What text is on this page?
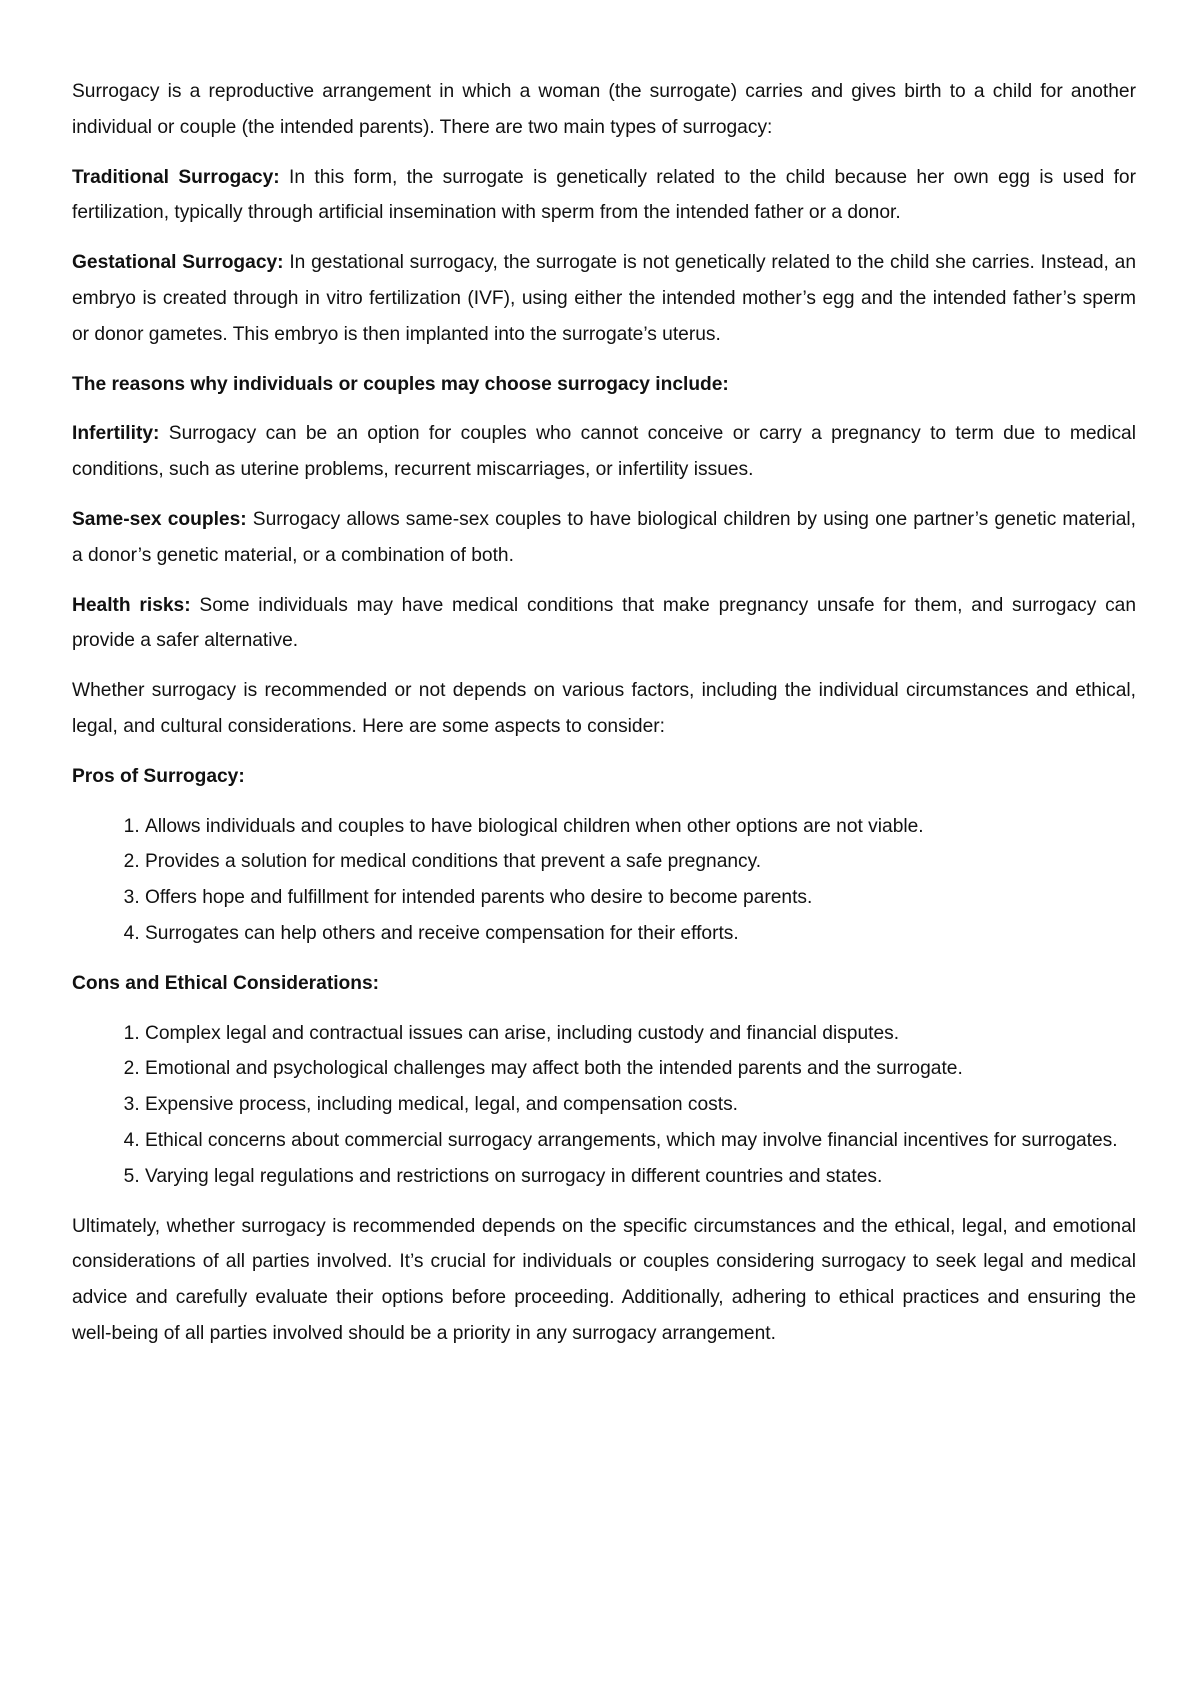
Surrogacy is a reproductive arrangement in which a woman (the surrogate) carries and gives birth to a child for another individual or couple (the intended parents). There are two main types of surrogacy:

Traditional Surrogacy: In this form, the surrogate is genetically related to the child because her own egg is used for fertilization, typically through artificial insemination with sperm from the intended father or a donor.

Gestational Surrogacy: In gestational surrogacy, the surrogate is not genetically related to the child she carries. Instead, an embryo is created through in vitro fertilization (IVF), using either the intended mother’s egg and the intended father’s sperm or donor gametes. This embryo is then implanted into the surrogate’s uterus.

The reasons why individuals or couples may choose surrogacy include:

Infertility: Surrogacy can be an option for couples who cannot conceive or carry a pregnancy to term due to medical conditions, such as uterine problems, recurrent miscarriages, or infertility issues.

Same-sex couples: Surrogacy allows same-sex couples to have biological children by using one partner’s genetic material, a donor’s genetic material, or a combination of both.

Health risks: Some individuals may have medical conditions that make pregnancy unsafe for them, and surrogacy can provide a safer alternative.

Whether surrogacy is recommended or not depends on various factors, including the individual circumstances and ethical, legal, and cultural considerations. Here are some aspects to consider:

Pros of Surrogacy:

1. Allows individuals and couples to have biological children when other options are not viable.
2. Provides a solution for medical conditions that prevent a safe pregnancy.
3. Offers hope and fulfillment for intended parents who desire to become parents.
4. Surrogates can help others and receive compensation for their efforts.

Cons and Ethical Considerations:

1. Complex legal and contractual issues can arise, including custody and financial disputes.
2. Emotional and psychological challenges may affect both the intended parents and the surrogate.
3. Expensive process, including medical, legal, and compensation costs.
4. Ethical concerns about commercial surrogacy arrangements, which may involve financial incentives for surrogates.
5. Varying legal regulations and restrictions on surrogacy in different countries and states.

Ultimately, whether surrogacy is recommended depends on the specific circumstances and the ethical, legal, and emotional considerations of all parties involved. It’s crucial for individuals or couples considering surrogacy to seek legal and medical advice and carefully evaluate their options before proceeding. Additionally, adhering to ethical practices and ensuring the well-being of all parties involved should be a priority in any surrogacy arrangement.
